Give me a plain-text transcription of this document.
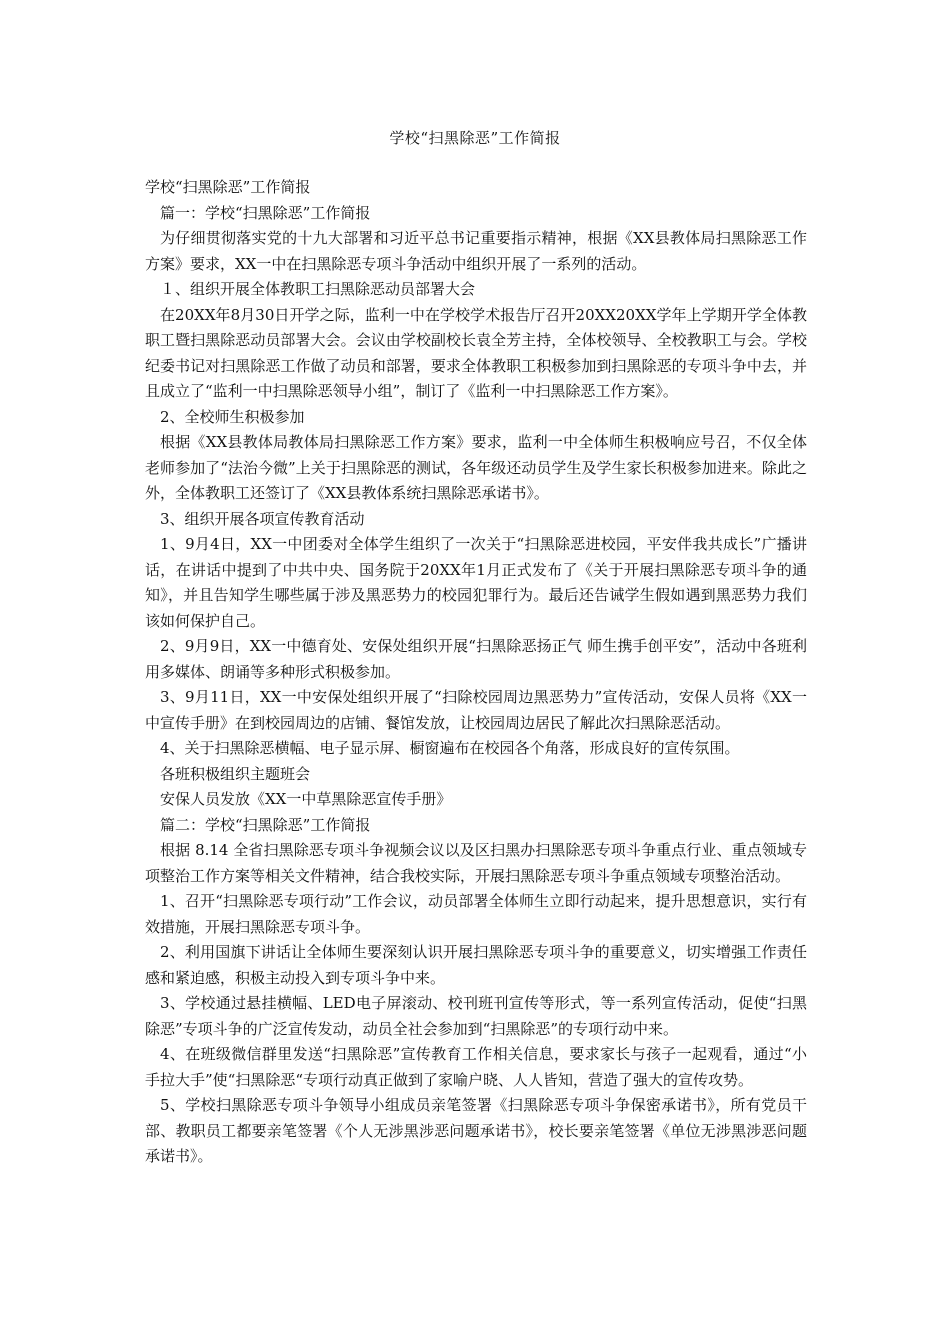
学校“扫黑除恶”工作简报

学校“扫黑除恶”工作简报

篇一：学校“扫黑除恶”工作简报

为仔细贯彻落实党的十九大部署和习近平总书记重要指示精神，根据《XX县教体局扫黑除恶工作方案》要求，XX一中在扫黑除恶专项斗争活动中组织开展了一系列的活动。

１、组织开展全体教职工扫黑除恶动员部署大会

在20XX年8月30日开学之际，监利一中在学校学术报告厅召开20XX20XX学年上学期开学全体教职工暨扫黑除恶动员部署大会。会议由学校副校长袁全芳主持，全体校领导、全校教职工与会。学校纪委书记对扫黑除恶工作做了动员和部署，要求全体教职工积极参加到扫黑除恶的专项斗争中去，并且成立了“监利一中扫黑除恶领导小组”，制订了《监利一中扫黑除恶工作方案》。

2、全校师生积极参加

根据《XX县教体局教体局扫黑除恶工作方案》要求，监利一中全体师生积极响应号召，不仅全体老师参加了“法治今微”上关于扫黑除恶的测试，各年级还动员学生及学生家长积极参加进来。除此之外，全体教职工还签订了《XX县教体系统扫黑除恶承诺书》。

3、组织开展各项宣传教育活动

1、9月4日，XX一中团委对全体学生组织了一次关于“扫黑除恶进校园，平安伴我共成长”广播讲话，在讲话中提到了中共中央、国务院于20XX年1月正式发布了《关于开展扫黑除恶专项斗争的通知》，并且告知学生哪些属于涉及黑恶势力的校园犯罪行为。最后还告诫学生假如遇到黑恶势力我们该如何保护自己。

2、9月9日，XX一中德育处、安保处组织开展“扫黑除恶扬正气 师生携手创平安”，活动中各班利用多媒体、朗诵等多种形式积极参加。

3、9月11日，XX一中安保处组织开展了“扫除校园周边黑恶势力”宣传活动，安保人员将《XX一中宣传手册》在到校园周边的店铺、餐馆发放，让校园周边居民了解此次扫黑除恶活动。

4、关于扫黑除恶横幅、电子显示屏、橱窗遍布在校园各个角落，形成良好的宣传氛围。

各班积极组织主题班会

安保人员发放《XX一中草黑除恶宣传手册》

篇二：学校“扫黑除恶”工作简报

根据 8.14 全省扫黑除恶专项斗争视频会议以及区扫黑办扫黑除恶专项斗争重点行业、重点领域专项整治工作方案等相关文件精神，结合我校实际，开展扫黑除恶专项斗争重点领域专项整治活动。

1、召开“扫黑除恶专项行动”工作会议，动员部署全体师生立即行动起来，提升思想意识，实行有效措施，开展扫黑除恶专项斗争。

2、利用国旗下讲话让全体师生要深刻认识开展扫黑除恶专项斗争的重要意义，切实增强工作责任感和紧迫感，积极主动投入到专项斗争中来。

3、学校通过悬挂横幅、LED电子屏滚动、校刊班刊宣传等形式，等一系列宣传活动，促使“扫黑除恶”专项斗争的广泛宣传发动，动员全社会参加到“扫黑除恶”的专项行动中来。

4、在班级微信群里发送“扫黑除恶”宣传教育工作相关信息，要求家长与孩子一起观看，通过“小手拉大手”使“扫黑除恶“专项行动真正做到了家喻户晓、人人皆知，营造了强大的宣传攻势。

5、学校扫黑除恶专项斗争领导小组成员亲笔签署《扫黑除恶专项斗争保密承诺书》，所有党员干部、教职员工都要亲笔签署《个人无涉黑涉恶问题承诺书》，校长要亲笔签署《单位无涉黑涉恶问题承诺书》。
